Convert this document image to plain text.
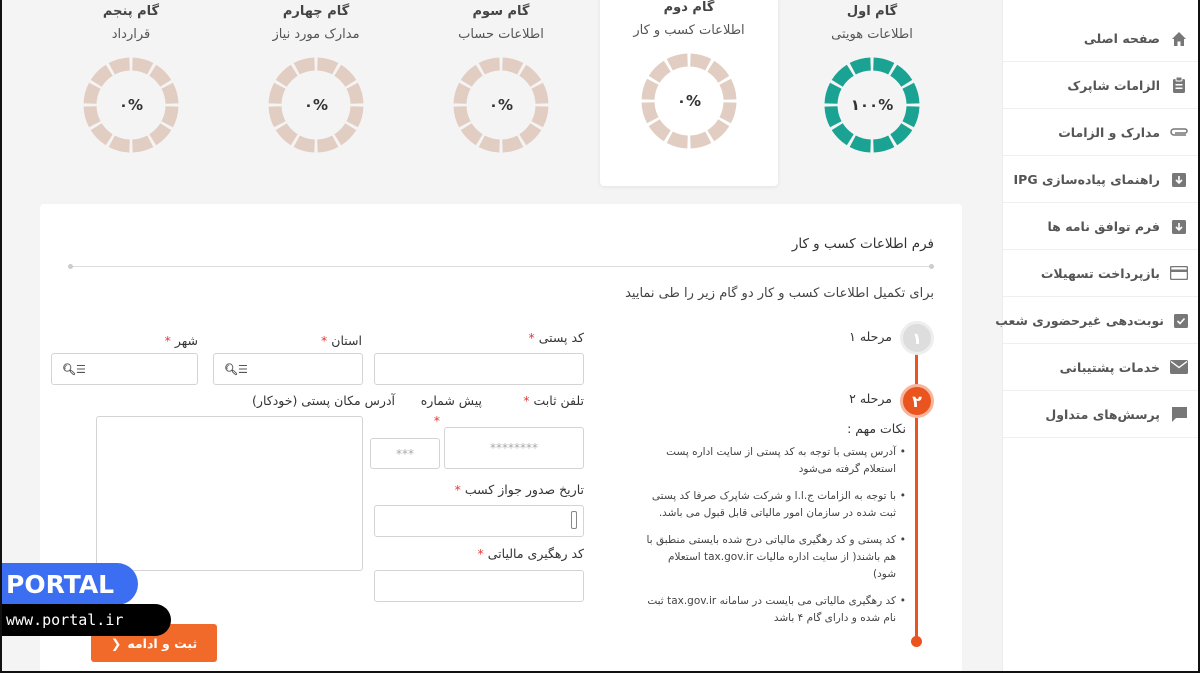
صفحه اصلی
الزامات شاپرک
مدارک و الزامات
راهنمای پیاده‌سازی IPG
فرم توافق نامه ها
بازپرداخت تسهیلات
نوبت‌دهی غیرحضوری شعب
خدمات پشتیبانی
پرسش‌های متداول
گام اول
اطلاعات هویتی
۱۰۰%
گام دوم
اطلاعات کسب و کار
۰%
گام سوم
اطلاعات حساب
۰%
گام چهارم
مدارک مورد نیاز
۰%
گام پنجم
قرارداد
۰%
فرم اطلاعات کسب و کار
برای تکمیل اطلاعات کسب و کار دو گام زیر را طی نمایید
۱
۲
مرحله ۱
مرحله ۲
نکات مهم :
• آدرس پستی با توجه به کد پستی از سایت اداره پست استعلام گرفته می‌شود
• با توجه به الزامات ج.ا.ا و شرکت شاپرک صرفا کد پستی ثبت شده در سازمان امور مالیاتی قابل قبول می باشد.
• کد پستی و کد رهگیری مالیاتی درج شده بایستی منطبق با هم باشند( از سایت اداره مالیات tax.gov.ir استعلام شود)
• کد رهگیری مالیاتی می بایست در سامانه tax.gov.ir ثبت نام شده و دارای گام ۴ باشد
کد پستی *
استان *
☰🔍︎
شهر *
☰🔍︎
تلفن ثابت *
پیش شماره
*
********
***
آدرس مکان پستی (خودکار)
تاریخ صدور جواز کسب *
کد رهگیری مالیاتی *
ثبت و ادامه
❮
PORTAL
www.portal.ir
